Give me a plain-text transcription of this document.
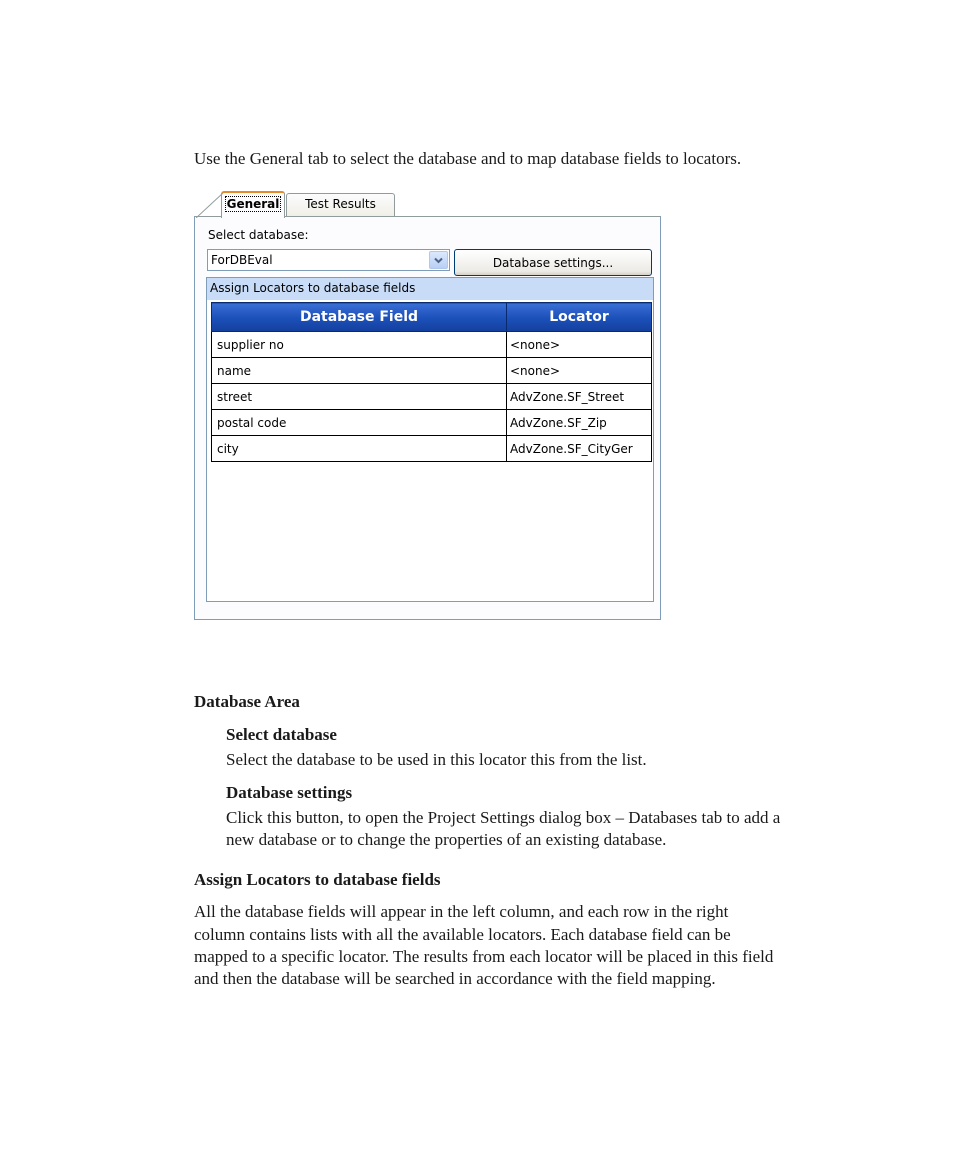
Use the General tab to select the database and to map database fields to locators.

General	Test Results
Select database:
ForDBEval	Database settings...
Assign Locators to database fields
Database Field	Locator
supplier no	<none>
name	<none>
street	AdvZone.SF_Street
postal code	AdvZone.SF_Zip
city	AdvZone.SF_CityGer
Database Area
Select database

Select the database to be used in this locator this from the list.

Database settings

Click this button, to open the Project Settings dialog box – Databases tab to add a

new database or to change the properties of an existing database.

Assign Locators to database fields

All the database fields will appear in the left column, and each row in the right

column contains lists with all the available locators. Each database field can be

mapped to a specific locator. The results from each locator will be placed in this field

and then the database will be searched in accordance with the field mapping.
